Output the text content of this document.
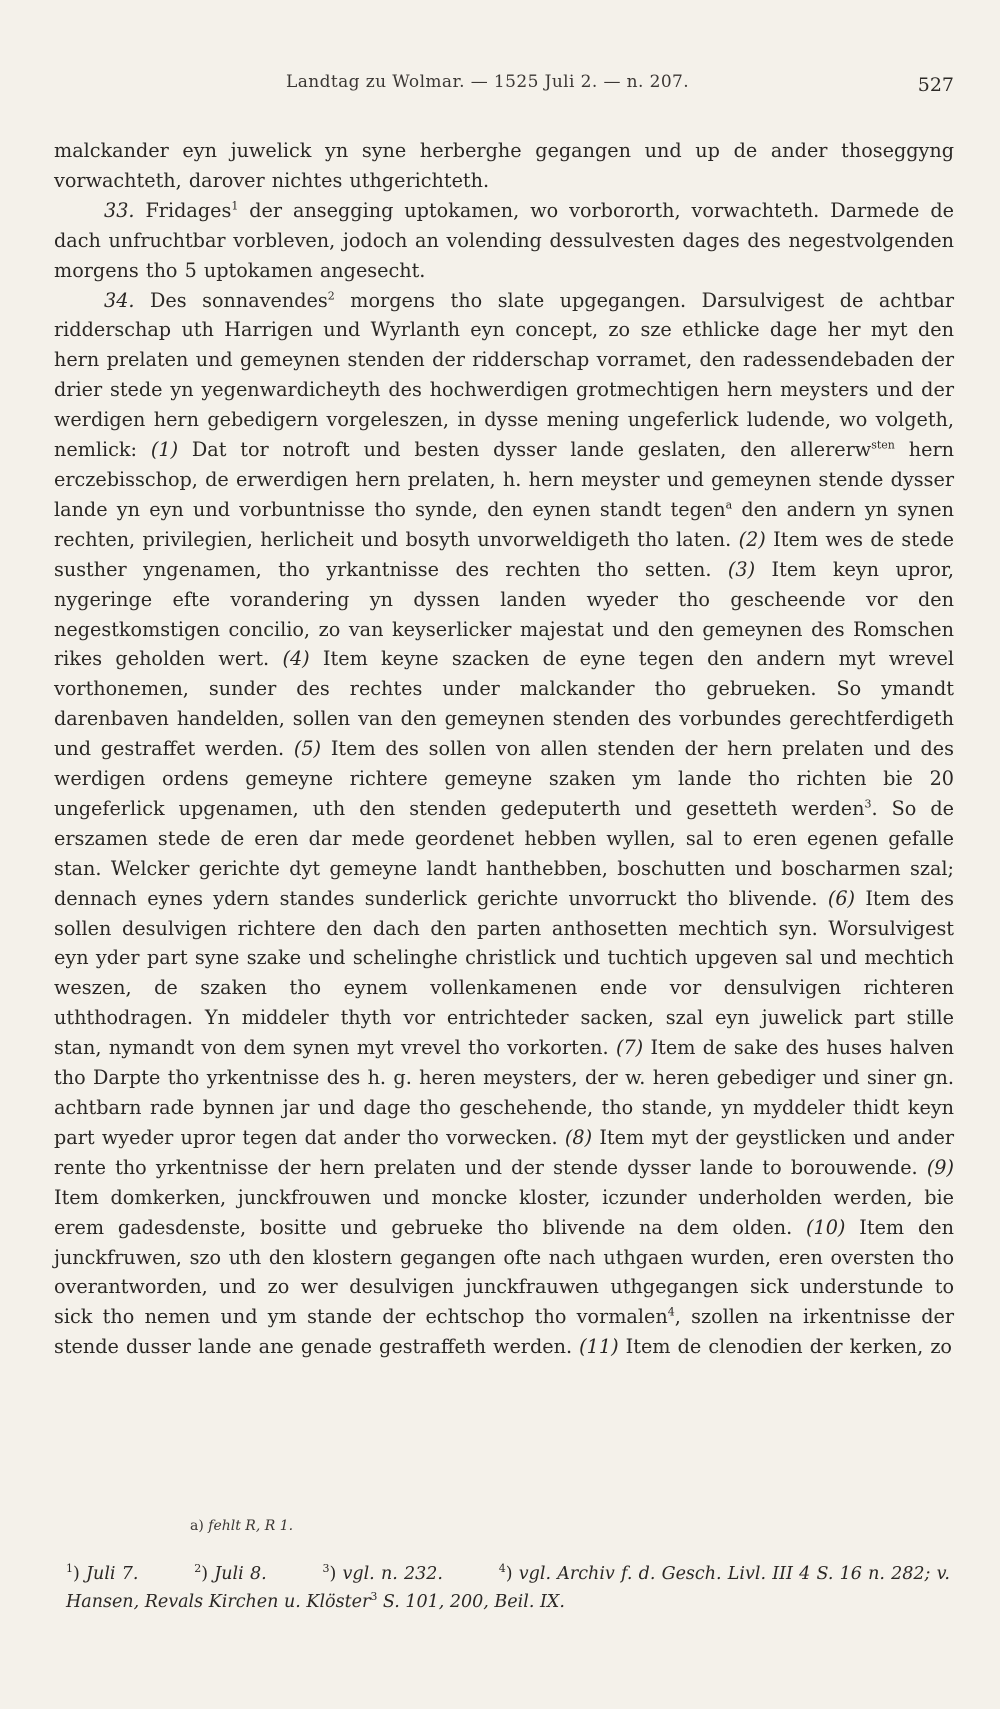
Landtag zu Wolmar. — 1525 Juli 2. — n. 207.	527

malckander eyn juwelick yn syne herberghe gegangen und up de ander thoseggyng vorwachteth, darover nichtes uthgerichteth.

33. Fridages$^1$ der ansegging uptokamen, wo vorbororth, vorwachteth. Darmede de dach unfruchtbar vorbleven, jodoch an volending dessulvesten dages des negestvolgenden morgens tho 5 uptokamen angesecht.

34. Des sonnavendes$^2$ morgens tho slate upgegangen. Darsulvigest de achtbar ridderschap uth Harrigen und Wyrlanth eyn concept, zo sze ethlicke dage her myt den hern prelaten und gemeynen stenden der ridderschap vorramet, den radessendebaden der drier stede yn yegenwardicheyth des hochwerdigen grotmechtigen hern meysters und der werdigen hern gebedigern vorgeleszen, in dysse mening ungeferlick ludende, wo volgeth, nemlick: (1) Dat tor notroft und besten dysser lande geslaten, den allererw$^{sten}$ hern erczebisschop, de erwerdigen hern prelaten, h. hern meyster und gemeynen stende dysser lande yn eyn und vorbuntnisse tho synde, den eynen standt tegen$^a$ den andern yn synen rechten, privilegien, herlicheit und bosyth unvorweldigeth tho laten. (2) Item wes de stede susther yngenamen, tho yrkantnisse des rechten tho setten. (3) Item keyn upror, nygeringe efte vorandering yn dyssen landen wyeder tho gescheende vor den negestkomstigen concilio, zo van keyserlicker majestat und den gemeynen des Romschen rikes geholden wert. (4) Item keyne szacken de eyne tegen den andern myt wrevel vorthonemen, sunder des rechtes under malckander tho gebrueken. So ymandt darenbaven handelden, sollen van den gemeynen stenden des vorbundes gerechtferdigeth und gestraffet werden. (5) Item des sollen von allen stenden der hern prelaten und des werdigen ordens gemeyne richtere gemeyne szaken ym lande tho richten bie 20 ungeferlick upgenamen, uth den stenden gedeputerth und gesetteth werden$^3$. So de erszamen stede de eren dar mede geordenet hebben wyllen, sal to eren egenen gefalle stan. Welcker gerichte dyt gemeyne landt hanthebben, boschutten und boscharmen szal; dennach eynes ydern standes sunderlick gerichte unvorruckt tho blivende. (6) Item des sollen desulvigen richtere den dach den parten anthosetten mechtich syn. Worsulvigest eyn yder part syne szake und schelinghe christlick und tuchtich upgeven sal und mechtich weszen, de szaken tho eynem vollenkamenen ende vor densulvigen richteren uththodragen. Yn middeler thyth vor entrichteder sacken, szal eyn juwelick part stille stan, nymandt von dem synen myt vrevel tho vorkorten. (7) Item de sake des huses halven tho Darpte tho yrkentnisse des h. g. heren meysters, der w. heren gebediger und siner gn. achtbarn rade bynnen jar und dage tho geschehende, tho stande, yn myddeler thidt keyn part wyeder upror tegen dat ander tho vorwecken. (8) Item myt der geystlicken und ander rente tho yrkentnisse der hern prelaten und der stende dysser lande to borouwende. (9) Item domkerken, junckfrouwen und moncke kloster, iczunder underholden werden, bie erem gadesdenste, bositte und gebrueke tho blivende na dem olden. (10) Item den junckfruwen, szo uth den klostern gegangen ofte nach uthgaen wurden, eren oversten tho overantworden, und zo wer desulvigen junckfrauwen uthgegangen sick understunde to sick tho nemen und ym stande der echtschop tho vormalen$^4$, szollen na irkentnisse der stende dusser lande ane genade gestraffeth werden. (11) Item de clenodien der kerken, zo

a) fehlt R, R 1.
$^1$) Juli 7.	$^2$) Juli 8.	$^3$) vgl. n. 232.	$^4$) vgl. Archiv f. d. Gesch. Livl. III 4 S. 16 n. 282; v. Hansen, Revals Kirchen u. Klöster$^3$ S. 101, 200, Beil. IX.
